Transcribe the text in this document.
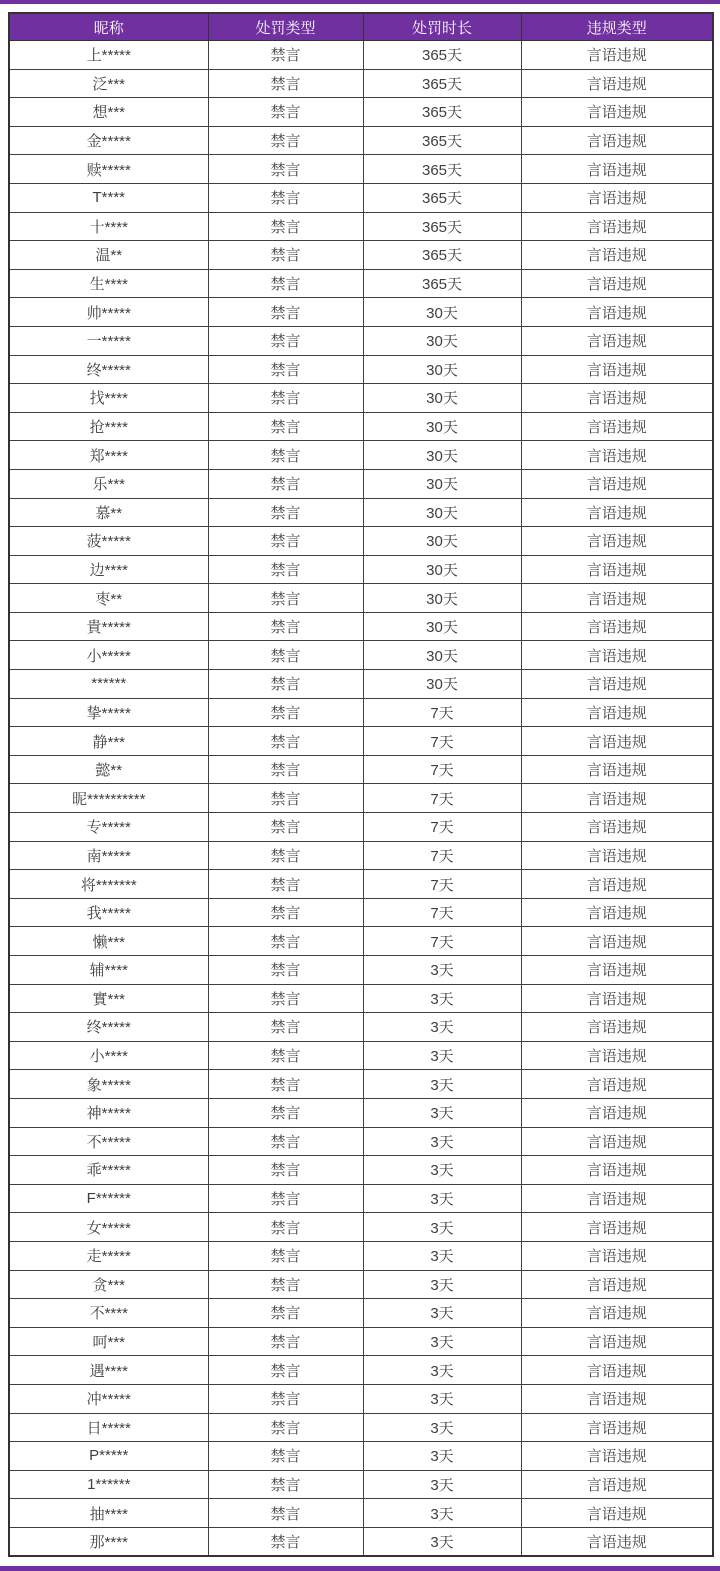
昵称	处罚类型	处罚时长	违规类型
上*****	禁言	365天	言语违规
泛***	禁言	365天	言语违规
想***	禁言	365天	言语违规
金*****	禁言	365天	言语违规
赎*****	禁言	365天	言语违规
T****	禁言	365天	言语违规
十****	禁言	365天	言语违规
温**	禁言	365天	言语违规
生****	禁言	365天	言语违规
帅*****	禁言	30天	言语违规
一*****	禁言	30天	言语违规
终*****	禁言	30天	言语违规
找****	禁言	30天	言语违规
抢****	禁言	30天	言语违规
郑****	禁言	30天	言语违规
乐***	禁言	30天	言语违规
慕**	禁言	30天	言语违规
菠*****	禁言	30天	言语违规
边****	禁言	30天	言语违规
枣**	禁言	30天	言语违规
貴*****	禁言	30天	言语违规
小*****	禁言	30天	言语违规
******	禁言	30天	言语违规
挚*****	禁言	7天	言语违规
静***	禁言	7天	言语违规
懿**	禁言	7天	言语违规
昵**********	禁言	7天	言语违规
专*****	禁言	7天	言语违规
南*****	禁言	7天	言语违规
将*******	禁言	7天	言语违规
我*****	禁言	7天	言语违规
懒***	禁言	7天	言语违规
辅****	禁言	3天	言语违规
實***	禁言	3天	言语违规
终*****	禁言	3天	言语违规
小****	禁言	3天	言语违规
象*****	禁言	3天	言语违规
神*****	禁言	3天	言语违规
不*****	禁言	3天	言语违规
乖*****	禁言	3天	言语违规
F******	禁言	3天	言语违规
女*****	禁言	3天	言语违规
走*****	禁言	3天	言语违规
贪***	禁言	3天	言语违规
不****	禁言	3天	言语违规
呵***	禁言	3天	言语违规
遇****	禁言	3天	言语违规
冲*****	禁言	3天	言语违规
日*****	禁言	3天	言语违规
P*****	禁言	3天	言语违规
1******	禁言	3天	言语违规
抽****	禁言	3天	言语违规
那****	禁言	3天	言语违规
